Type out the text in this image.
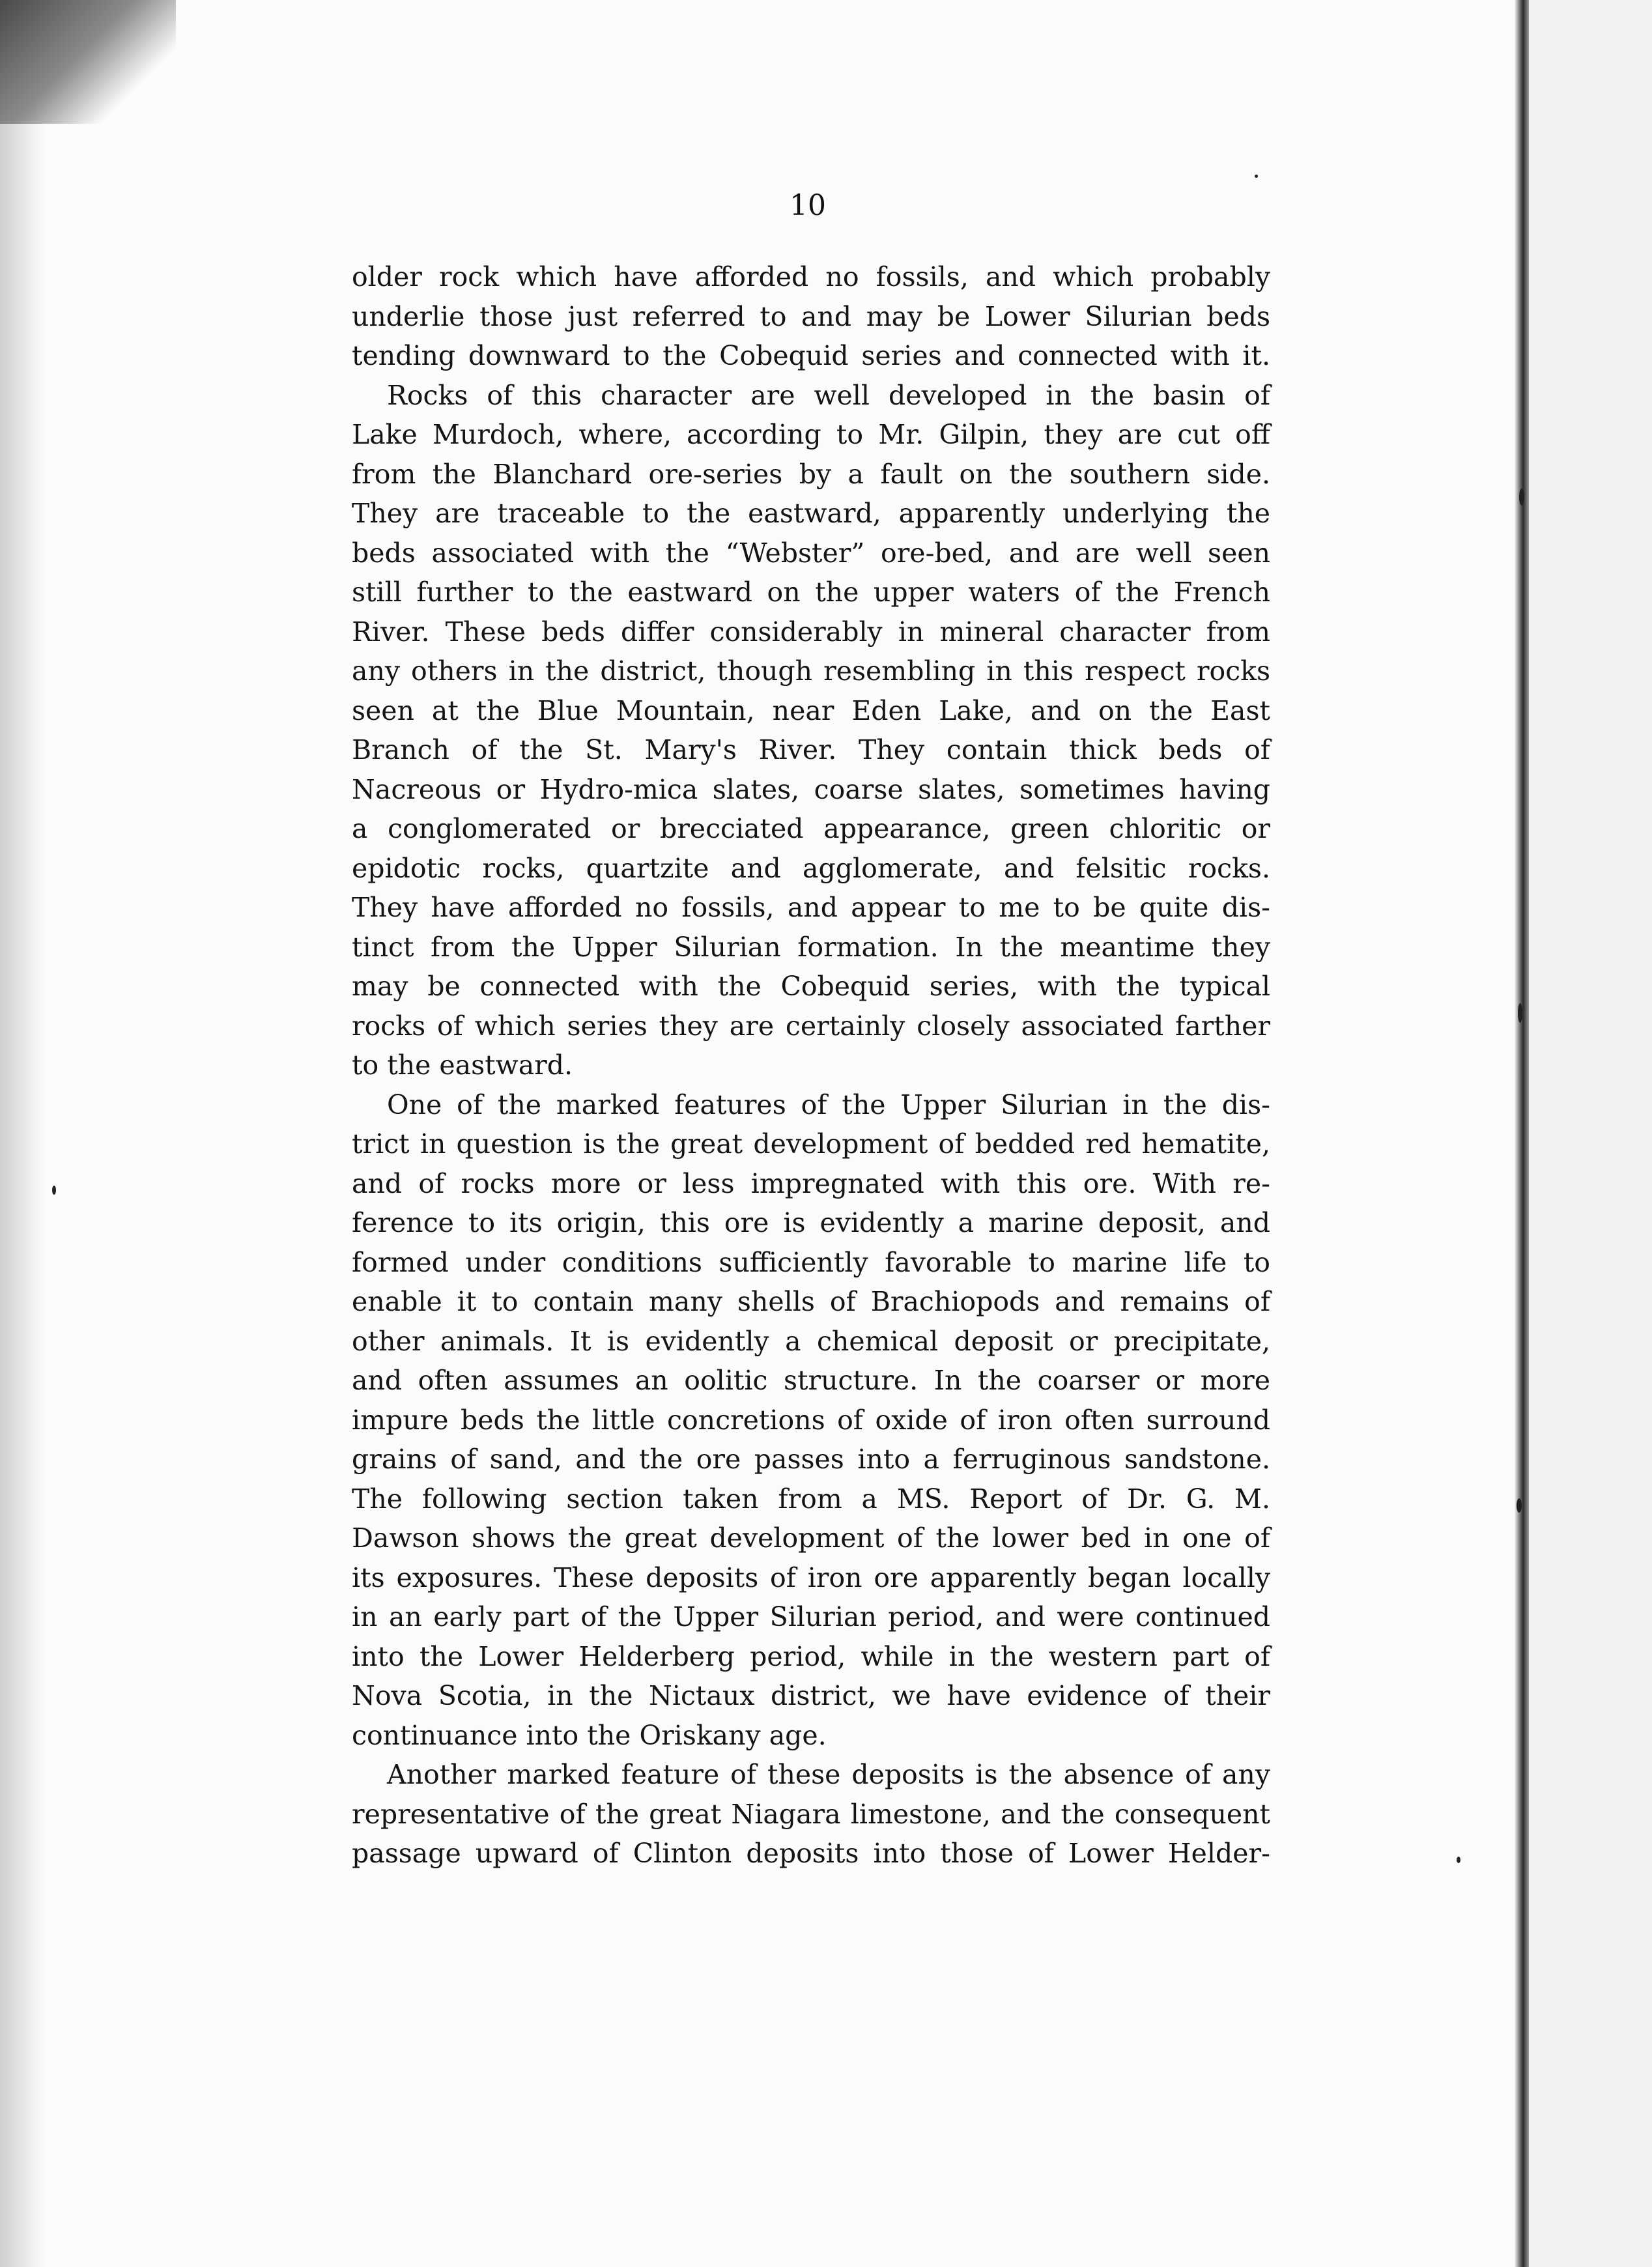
10
older rock which have afforded no fossils, and which probably
underlie those just referred to and may be Lower Silurian beds
tending downward to the Cobequid series and connected with it.
Rocks of this character are well developed in the basin of
Lake Murdoch, where, according to Mr. Gilpin, they are cut off
from the Blanchard ore-series by a fault on the southern side.
They are traceable to the eastward, apparently underlying the
beds associated with the “Webster” ore-bed, and are well seen
still further to the eastward on the upper waters of the French
River. These beds differ considerably in mineral character from
any others in the district, though resembling in this respect rocks
seen at the Blue Mountain, near Eden Lake, and on the East
Branch of the St. Mary's River. They contain thick beds of
Nacreous or Hydro-mica slates, coarse slates, sometimes having
a conglomerated or brecciated appearance, green chloritic or
epidotic rocks, quartzite and agglomerate, and felsitic rocks.
They have afforded no fossils, and appear to me to be quite dis-
tinct from the Upper Silurian formation. In the meantime they
may be connected with the Cobequid series, with the typical
rocks of which series they are certainly closely associated farther
to the eastward.
One of the marked features of the Upper Silurian in the dis-
trict in question is the great development of bedded red hematite,
and of rocks more or less impregnated with this ore. With re-
ference to its origin, this ore is evidently a marine deposit, and
formed under conditions sufficiently favorable to marine life to
enable it to contain many shells of Brachiopods and remains of
other animals. It is evidently a chemical deposit or precipitate,
and often assumes an oolitic structure. In the coarser or more
impure beds the little concretions of oxide of iron often surround
grains of sand, and the ore passes into a ferruginous sandstone.
The following section taken from a MS. Report of Dr. G. M.
Dawson shows the great development of the lower bed in one of
its exposures. These deposits of iron ore apparently began locally
in an early part of the Upper Silurian period, and were continued
into the Lower Helderberg period, while in the western part of
Nova Scotia, in the Nictaux district, we have evidence of their
continuance into the Oriskany age.
Another marked feature of these deposits is the absence of any
representative of the great Niagara limestone, and the consequent
passage upward of Clinton deposits into those of Lower Helder-
